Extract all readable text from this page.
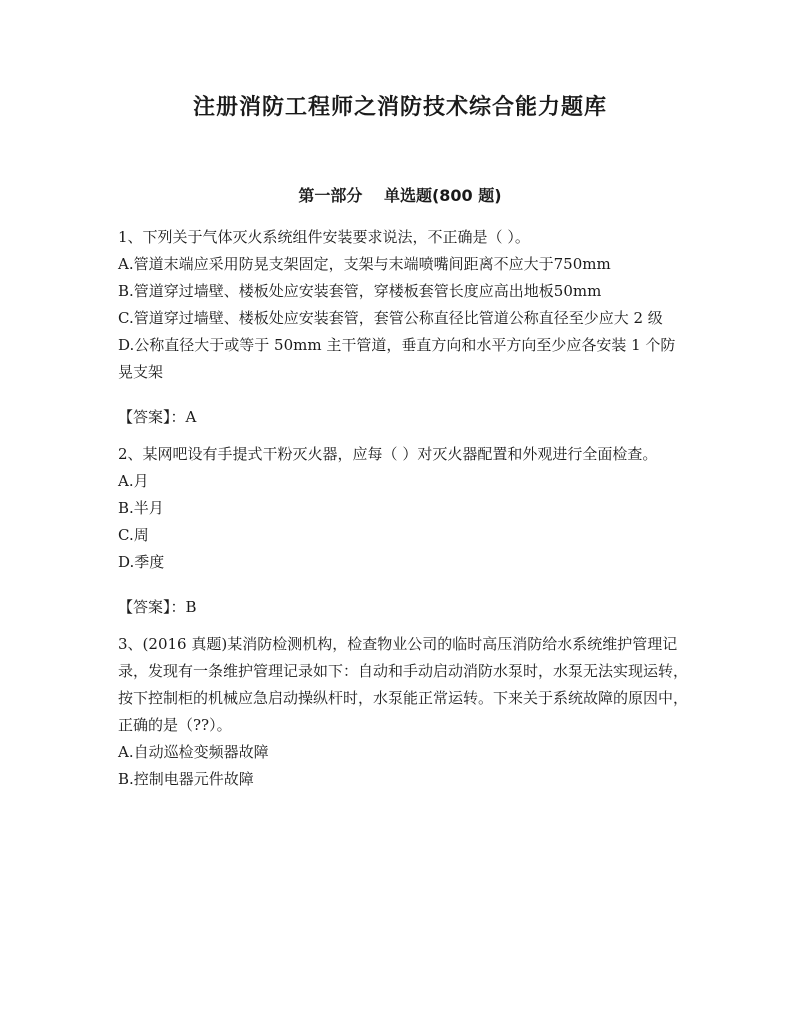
注册消防工程师之消防技术综合能力题库
第一部分　 单选题(800 题)

1、下列关于气体灭火系统组件安装要求说法，不正确是（ ）。

A.管道末端应采用防晃支架固定，支架与末端喷嘴间距离不应大于750mm

B.管道穿过墙壁、楼板处应安装套管，穿楼板套管长度应高出地板50mm

C.管道穿过墙壁、楼板处应安装套管，套管公称直径比管道公称直径至少应大 2 级

D.公称直径大于或等于 50mm 主干管道，垂直方向和水平方向至少应各安装 1 个防晃支架

【答案】：A

2、某网吧设有手提式干粉灭火器，应每（ ）对灭火器配置和外观进行全面检查。

A.月

B.半月

C.周

D.季度

【答案】：B

3、(2016 真题)某消防检测机构，检查物业公司的临时高压消防给水系统维护管理记录，发现有一条维护管理记录如下：自动和手动启动消防水泵时，水泵无法实现运转，按下控制柜的机械应急启动操纵杆时，水泵能正常运转。下来关于系统故障的原因中，正确的是（??）。

A.自动巡检变频器故障

B.控制电器元件故障
